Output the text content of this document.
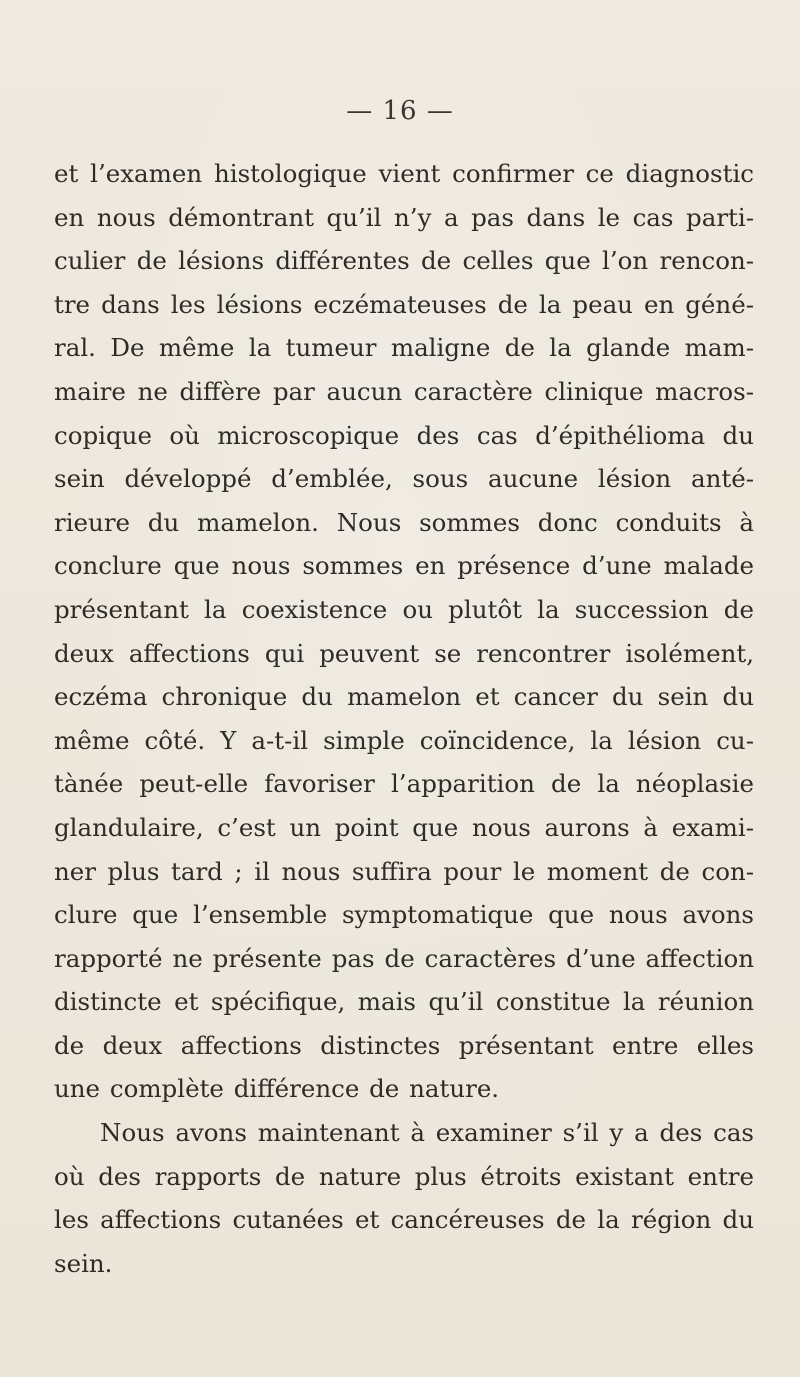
— 16 —
et l’examen histologique vient confirmer ce diagnostic
en nous démontrant qu’il n’y a pas dans le cas parti-
culier de lésions différentes de celles que l’on rencon-
tre dans les lésions eczémateuses de la peau en géné-
ral. De même la tumeur maligne de la glande mam-
maire ne diffère par aucun caractère clinique macros-
copique où microscopique des cas d’épithélioma du
sein développé d’emblée, sous aucune lésion anté-
rieure du mamelon. Nous sommes donc conduits à
conclure que nous sommes en présence d’une malade
présentant la coexistence ou plutôt la succession de
deux affections qui peuvent se rencontrer isolément,
eczéma chronique du mamelon et cancer du sein du
même côté. Y a-t-il simple coïncidence, la lésion cu-
tànée peut-elle favoriser l’apparition de la néoplasie
glandulaire, c’est un point que nous aurons à exami-
ner plus tard ; il nous suffira pour le moment de con-
clure que l’ensemble symptomatique que nous avons
rapporté ne présente pas de caractères d’une affection
distincte et spécifique, mais qu’il constitue la réunion
de deux affections distinctes présentant entre elles
une complète différence de nature.
Nous avons maintenant à examiner s’il y a des cas
où des rapports de nature plus étroits existant entre
les affections cutanées et cancéreuses de la région du
sein.
